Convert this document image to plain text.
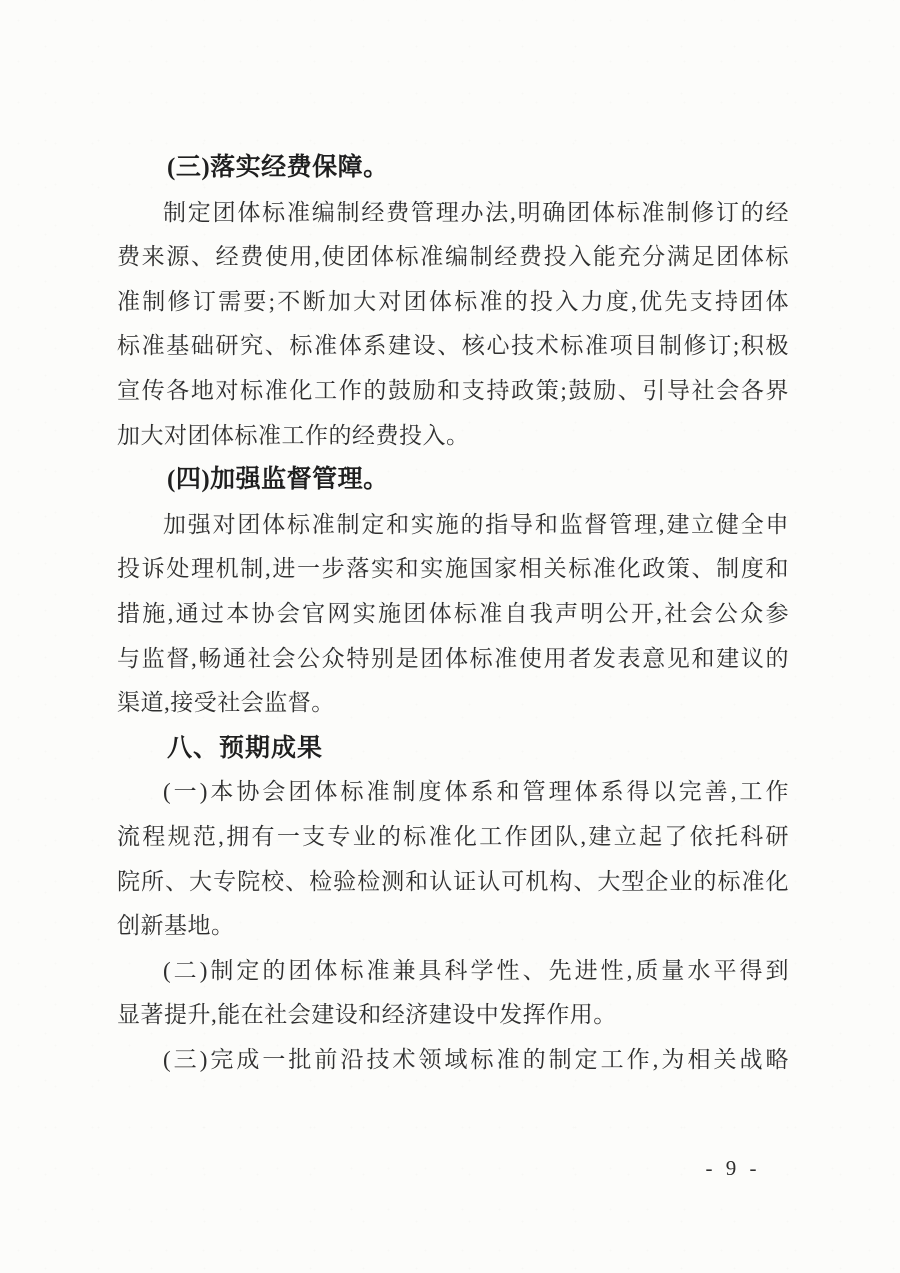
(三)落实经费保障。
制定团体标准编制经费管理办法,明确团体标准制修订的经
费来源、经费使用,使团体标准编制经费投入能充分满足团体标
准制修订需要;不断加大对团体标准的投入力度,优先支持团体
标准基础研究、标准体系建设、核心技术标准项目制修订;积极
宣传各地对标准化工作的鼓励和支持政策;鼓励、引导社会各界
加大对团体标准工作的经费投入。
(四)加强监督管理。
加强对团体标准制定和实施的指导和监督管理,建立健全申
投诉处理机制,进一步落实和实施国家相关标准化政策、制度和
措施,通过本协会官网实施团体标准自我声明公开,社会公众参
与监督,畅通社会公众特别是团体标准使用者发表意见和建议的
渠道,接受社会监督。
八、预期成果
(一)本协会团体标准制度体系和管理体系得以完善,工作
流程规范,拥有一支专业的标准化工作团队,建立起了依托科研
院所、大专院校、检验检测和认证认可机构、大型企业的标准化
创新基地。
(二)制定的团体标准兼具科学性、先进性,质量水平得到
显著提升,能在社会建设和经济建设中发挥作用。
(三)完成一批前沿技术领域标准的制定工作,为相关战略
- 9 -
